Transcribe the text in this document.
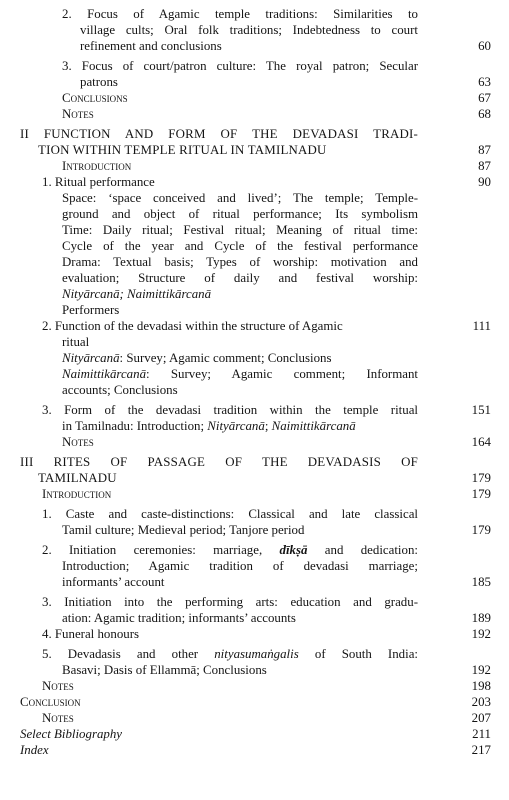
2. Focus of Agamic temple traditions: Similarities to
village cults; Oral folk traditions; Indebtedness to court
refinement and conclusions	60
3. Focus of court/patron culture: The royal patron; Secular
patrons	63
Conclusions	67
Notes	68
II FUNCTION AND FORM OF THE DEVADASI TRADI-
TION WITHIN TEMPLE RITUAL IN TAMILNADU	87
Introduction	87
1. Ritual performance	90
Space: ‘space conceived and lived’; The temple; Temple-
ground and object of ritual performance; Its symbolism
Time: Daily ritual; Festival ritual; Meaning of ritual time:
Cycle of the year and Cycle of the festival performance
Drama: Textual basis; Types of worship: motivation and
evaluation; Structure of daily and festival worship:
Nityārcanā; Naimittikārcanā
Performers
2. Function of the devadasi within the structure of Agamic	111
ritual
Nityārcanā: Survey; Agamic comment; Conclusions
Naimittikārcanā: Survey; Agamic comment; Informant
accounts; Conclusions
3. Form of the devadasi tradition within the temple ritual	151
in Tamilnadu: Introduction; Nityārcanā; Naimittikārcanā
Notes	164
III RITES OF PASSAGE OF THE DEVADASIS OF
TAMILNADU	179
Introduction	179
1. Caste and caste-distinctions: Classical and late classical
Tamil culture; Medieval period; Tanjore period	179
2. Initiation ceremonies: marriage, dīkṣā and dedication:
Introduction; Agamic tradition of devadasi marriage;
informants’ account	185
3. Initiation into the performing arts: education and gradu-
ation: Agamic tradition; informants’ accounts	189
4. Funeral honours	192
5. Devadasis and other nityasumaṅgalis of South India:
Basavi; Dasis of Ellammā; Conclusions	192
Notes	198
Conclusion	203
Notes	207
Select Bibliography	211
Index	217
